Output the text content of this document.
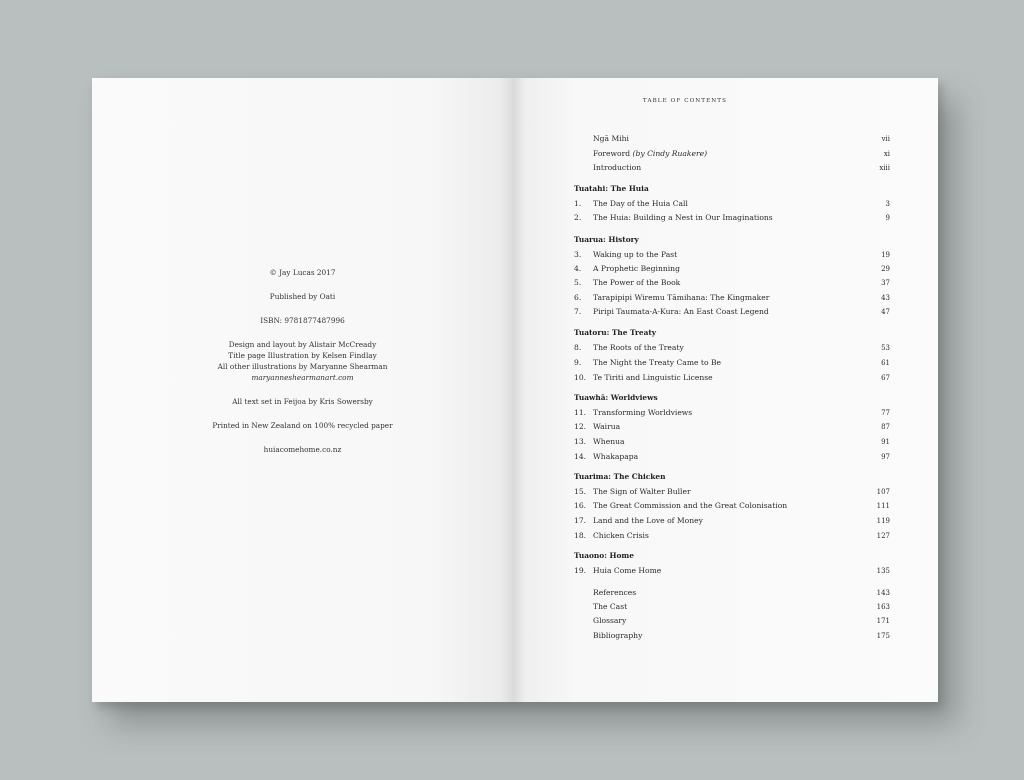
© Jay Lucas 2017
Published by Oati
ISBN: 9781877487996
Design and layout by Alistair McCready
Title page Illustration by Kelsen Findlay
All other illustrations by Maryanne Shearman
maryanneshearmanart.com
All text set in Feijoa by Kris Sowersby
Printed in New Zealand on 100% recycled paper
huiacomehome.co.nz
TABLE OF CONTENTS
Ngā Mihi	vii
Foreword (by Cindy Ruakere)	xi
Introduction	xiii
Tuatahi: The Huia
1. The Day of the Huia Call	3
2. The Huia: Building a Nest in Our Imaginations	9
Tuarua: History
3. Waking up to the Past	19
4. A Prophetic Beginning	29
5. The Power of the Book	37
6. Tarapipipi Wiremu Tāmihana: The Kingmaker	43
7. Piripi Taumata-A-Kura: An East Coast Legend	47
Tuatoru: The Treaty
8. The Roots of the Treaty	53
9. The Night the Treaty Came to Be	61
10. Te Tiriti and Linguistic License	67
Tuawhā: Worldviews
11. Transforming Worldviews	77
12. Wairua	87
13. Whenua	91
14. Whakapapa	97
Tuarima: The Chicken
15. The Sign of Walter Buller	107
16. The Great Commission and the Great Colonisation	111
17. Land and the Love of Money	119
18. Chicken Crisis	127
Tuaono: Home
19. Huia Come Home	135
References	143
The Cast	163
Glossary	171
Bibliography	175
